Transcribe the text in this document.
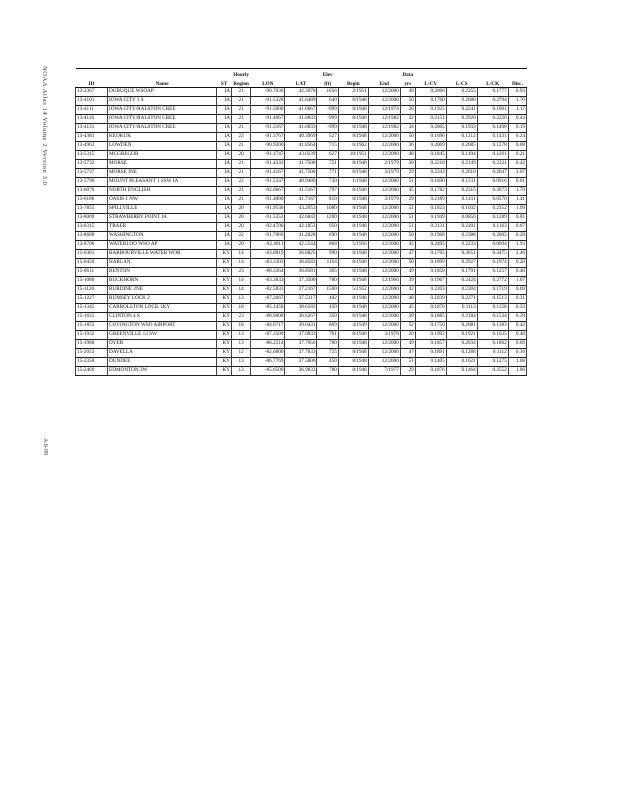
NOAA Atlas 14 Volume 2 Version 3.0
A.6-99
			Hourly			Elev			Data				
ID	Name	ST	Region	LON	LAT	(ft)	Begin	End	yrs	L-CV	L-CS	L-CK	Disc.
13-2367	DUBUQUE WSOAP	IA	21	-90.7036	42.3978	1056	2/1951	12/2000	49	0.2066	0.2255	0.1777	0.93
13-4101	IOWA CITY 1 S	IA	21	-91.5328	41.6489	640	8/1948	12/2000	50	0.1760	0.2680	0.2794	1.70
13-4111	IOWA CITY/RALSTON CREE	IA	21	-91.5000	41.6667	-999	8/1948	12/1974	26	0.1925	0.2241	0.1001	1.17
13-4116	IOWA CITY/RALSTON CREE	IA	21	-91.4667	41.6833	-999	8/1948	12/1982	32	0.2151	0.2920	0.2226	0.44
13-4131	IOWA CITY/RALSTON CREE	IA	21	-91.5167	41.6833	-999	8/1948	12/1982	34	0.2005	0.1933	0.1408	0.19
13-4381	KEOKUK	IA	22	-91.3767	40.3969	527	8/1948	12/2000	50	0.1696	0.1212	0.1431	0.24
13-4963	LOWDEN	IA	21	-90.9300	41.8564	715	6/1962	12/2000	36	0.2069	0.2085	0.1578	0.08
13-5315	MCGREGOR	IA	20	-91.1747	43.0239	627	10/1951	12/2000	48	0.1845	0.1494	0.1261	0.21
13-5732	MORSE	IA	21	-91.4333	41.7500	751	8/1948	2/1979	30	0.2218	0.2149	0.2331	0.42
13-5737	MORSE INE	IA	21	-91.4167	41.7500	771	8/1948	3/1979	29	0.2343	0.2610	0.2047	3.07
13-5796	MOUNT PLEASANT 1 SSW IA	IA	22	-91.5547	40.9486	730	1/1948	12/2000	51	0.1690	0.1511	0.0916	0.61
13-6076	NORTH ENGLISH	IA	21	-92.0667	41.5167	797	8/1948	12/2000	45	0.1782	0.2315	0.3073	1.70
13-6186	OASIS 1 NW	IA	21	-91.4000	41.7167	810	8/1948	3/1979	29	0.2189	0.1411	0.0570	1.41
13-7855	SPILLVILLE	IA	20	-91.9536	43.2053	1080	8/1948	12/2000	51	0.1823	0.1032	0.2352	1.99
13-8009	STRAWBERRY POINT IA	IA	20	-91.5353	42.6842	1200	8/1948	12/2000	51	0.1949	0.0856	0.1289	0.81
13-8315	TRAER	IA	20	-92.4706	42.1853	950	8/1948	12/2000	51	0.2131	0.2201	0.1163	0.67
13-8688	WASHINGTON	IA	22	-91.7069	41.2828	690	8/1948	12/2000	50	0.1968	0.2388	0.2005	0.28
13-8706	WATERLOO WSO AP	IA	20	-92.4011	42.5544	868	5/1956	12/2000	45	0.2495	0.2233	0.0694	1.93
15-0381	BARBOURVILLE WATER WOR	KY	14	-83.8819	36.8825	990	8/1948	12/2000	47	0.1765	0.3651	0.3475	2.46
15-0450	HARLAN	KY	14	-83.3303	36.8583	1164	8/1948	12/2000	50	0.1899	0.2927	0.1974	0.20
15-0611	BENTON	KY	23	-88.3364	36.8581	365	8/1948	12/2000	49	0.1858	0.1791	0.1257	0.40
15-1080	BUCKHORN	KY	14	-83.3833	37.3500	780	8/1948	12/1960	39	0.1967	0.2424	0.2772	1.07
15-1120	BURDINE 2NE	KY	14	-82.5833	37.2167	1560	5/1952	12/2000	42	0.2203	0.2304	0.1719	0.69
15-1227	RUMSEY LOCK 2	KY	13	-87.2667	37.5317	402	8/1948	12/2000	48	0.1839	0.2271	0.1513	0.31
15-1345	CARROLLTON LOCK 1KY	KY	18	-85.1458	38.6583	450	8/1948	12/2000	45	0.1870	0.1113	0.1158	0.33
15-1631	CLINTON 4 S	KY	23	-88.9608	36.6267	350	8/1948	12/2000	49	0.1885	0.2184	0.1534	0.39
15-1855	COVINGTON WSO AIRPORT	KY	18	-84.6717	39.0431	869	4/1949	12/2000	52	0.1750	0.2081	0.1383	0.42
15-1932	GREENVILLE 13 SW	KY	13	-87.3500	37.0833	761	8/1948	3/1978	20	0.1992	0.1921	0.1625	0.48
15-1980	DYER	KY	13	-86.2214	37.7056	780	8/1948	12/2000	49	0.1857	0.2034	0.1862	0.69
15-2053	DAVELLA	KY	12	-82.6000	37.7833	725	8/1948	12/2000	47	0.1891	0.1288	0.1112	0.16
15-2358	DUNDEE	KY	13	-86.7769	37.5806	450	8/1948	12/2000	51	0.1405	0.1621	0.1275	1.08
15-2469	EDMONTON 3W	KY	13	-85.6500	36.9833	780	8/1948	7/1977	29	0.1876	0.1464	0.2552	1.86
